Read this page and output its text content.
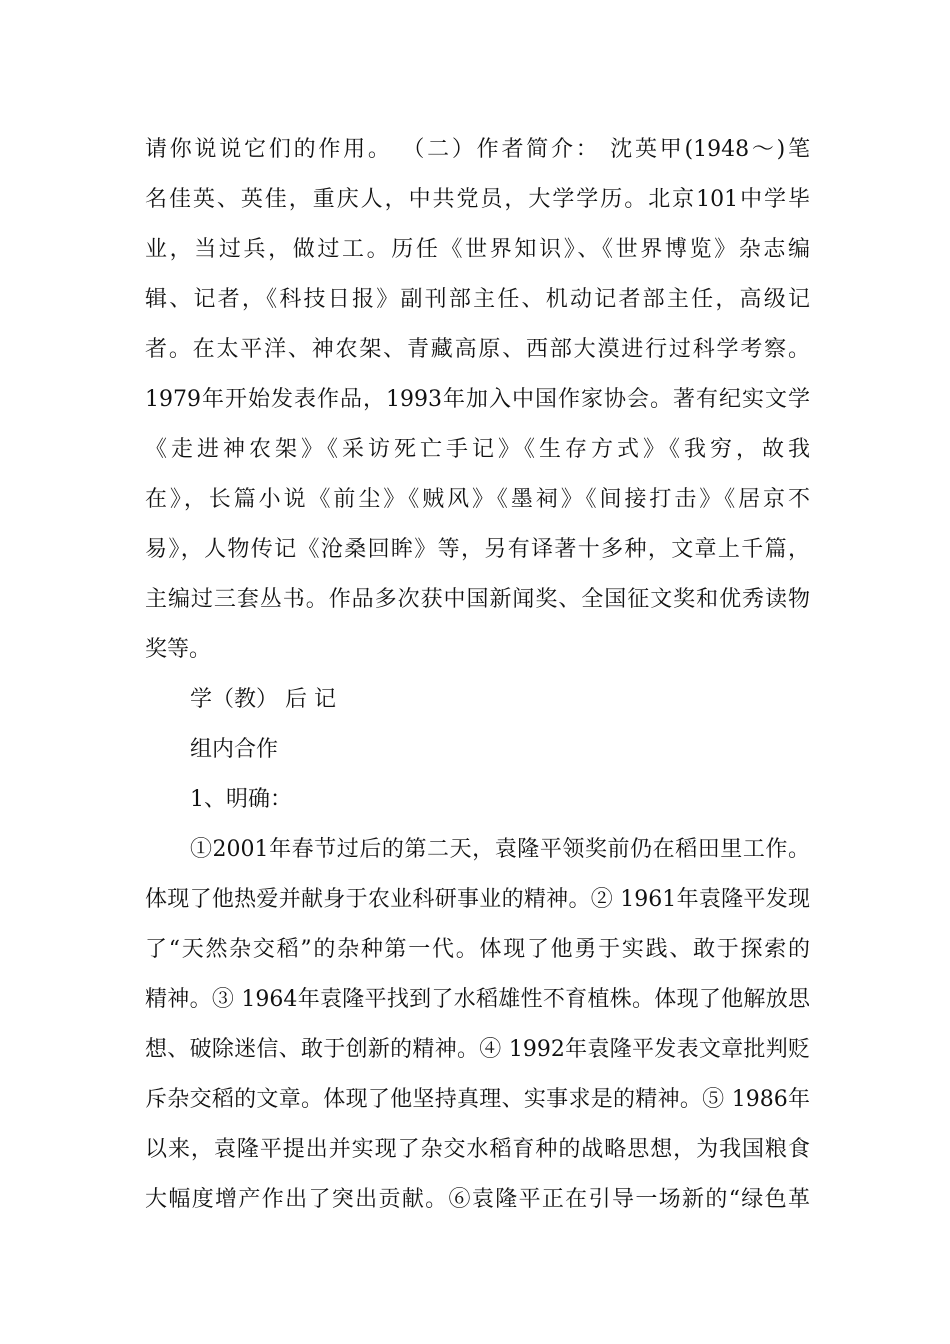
请你说说它们的作用。 （二）作者简介： 沈英甲(1948～)笔
名佳英、英佳，重庆人，中共党员，大学学历。北京101中学毕
业，当过兵，做过工。历任《世界知识》、《世界博览》杂志编
辑、记者，《科技日报》副刊部主任、机动记者部主任，高级记
者。在太平洋、神农架、青藏高原、西部大漠进行过科学考察。
1979年开始发表作品，1993年加入中国作家协会。著有纪实文学
《走进神农架》《采访死亡手记》《生存方式》《我穷，故我
在》，长篇小说《前尘》《贼风》《墨祠》《间接打击》《居京不
易》，人物传记《沧桑回眸》等，另有译著十多种，文章上千篇，
主编过三套丛书。作品多次获中国新闻奖、全国征文奖和优秀读物
奖等。
学（教） 后 记
组内合作
1、明确：
①2001年春节过后的第二天，袁隆平领奖前仍在稻田里工作。
体现了他热爱并献身于农业科研事业的精神。② 1961年袁隆平发现
了“天然杂交稻”的杂种第一代。体现了他勇于实践、敢于探索的
精神。③ 1964年袁隆平找到了水稻雄性不育植株。体现了他解放思
想、破除迷信、敢于创新的精神。④ 1992年袁隆平发表文章批判贬
斥杂交稻的文章。体现了他坚持真理、实事求是的精神。⑤ 1986年
以来，袁隆平提出并实现了杂交水稻育种的战略思想，为我国粮食
大幅度增产作出了突出贡献。⑥袁隆平正在引导一场新的“绿色革
